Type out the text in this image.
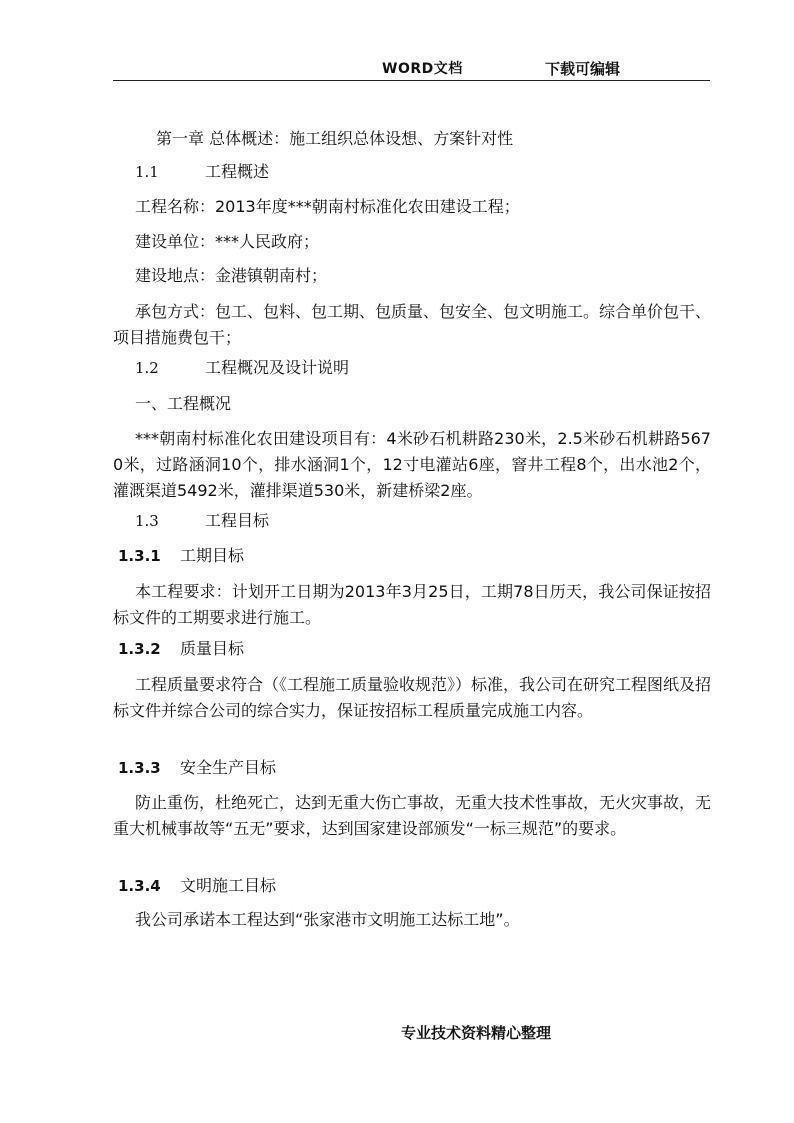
WORD文档	下载可编辑
第一章 总体概述：施工组织总体设想、方案针对性
1.1	工程概述
工程名称：2013年度***朝南村标准化农田建设工程；
建设单位：***人民政府；
建设地点：金港镇朝南村；
承包方式：包工、包料、包工期、包质量、包安全、包文明施工。综合单价包干、项目措施费包干；
1.2	工程概况及设计说明
一、工程概况
***朝南村标准化农田建设项目有：4米砂石机耕路230米，2.5米砂石机耕路5670米，过路涵洞10个，排水涵洞1个，12寸电灌站6座，窨井工程8个，出水池2个，灌溉渠道5492米，灌排渠道530米，新建桥梁2座。
1.3	工程目标
1.3.1 工期目标
本工程要求：计划开工日期为2013年3月25日，工期78日历天，我公司保证按招标文件的工期要求进行施工。
1.3.2 质量目标
工程质量要求符合（《工程施工质量验收规范》）标准，我公司在研究工程图纸及招标文件并综合公司的综合实力，保证按招标工程质量完成施工内容。
1.3.3 安全生产目标
防止重伤，杜绝死亡，达到无重大伤亡事故，无重大技术性事故，无火灾事故，无重大机械事故等“五无”要求，达到国家建设部颁发“一标三规范”的要求。
1.3.4 文明施工目标
我公司承诺本工程达到“张家港市文明施工达标工地”。
专业技术资料精心整理
